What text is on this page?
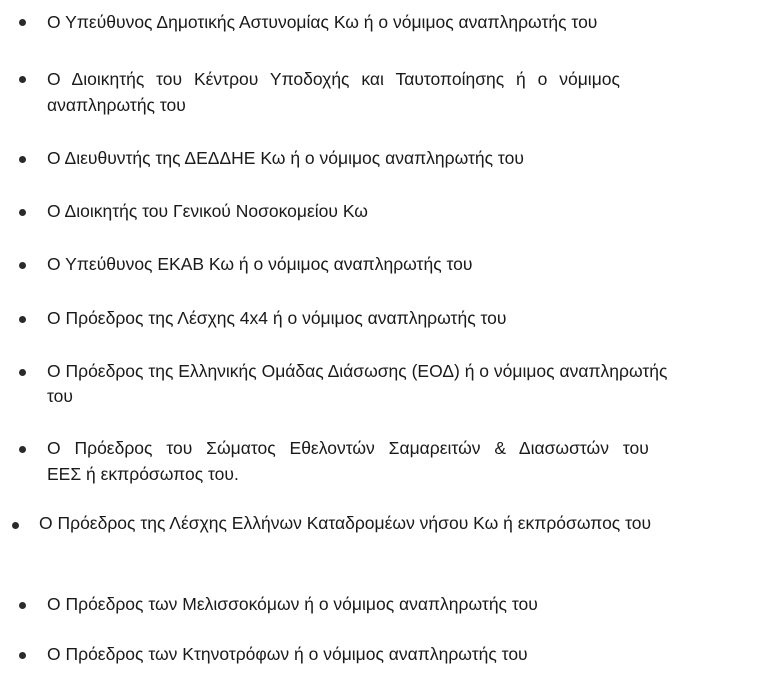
Ο Υπεύθυνος Δημοτικής Αστυνομίας Κω ή ο νόμιμος αναπληρωτής του
Ο Διοικητής του Κέντρου Υποδοχής και Ταυτοποίησης ή ο νόμιμος
αναπληρωτής του
Ο Διευθυντής της ΔΕΔΔΗΕ Κω ή ο νόμιμος αναπληρωτής του
Ο Διοικητής του Γενικού Νοσοκομείου Κω
Ο Υπεύθυνος ΕΚΑΒ Κω ή ο νόμιμος αναπληρωτής του
Ο Πρόεδρος της Λέσχης 4x4 ή ο νόμιμος αναπληρωτής του
Ο Πρόεδρος της Ελληνικής Ομάδας Διάσωσης (ΕΟΔ) ή ο νόμιμος αναπληρωτής
του
Ο Πρόεδρος του Σώματος Εθελοντών Σαμαρειτών & Διασωστών του
ΕΕΣ ή εκπρόσωπος του.
Ο Πρόεδρος της Λέσχης Ελλήνων Καταδρομέων νήσου Κω ή εκπρόσωπος του
Ο Πρόεδρος των Μελισσοκόμων ή ο νόμιμος αναπληρωτής του
Ο Πρόεδρος των Κτηνοτρόφων ή ο νόμιμος αναπληρωτής του
